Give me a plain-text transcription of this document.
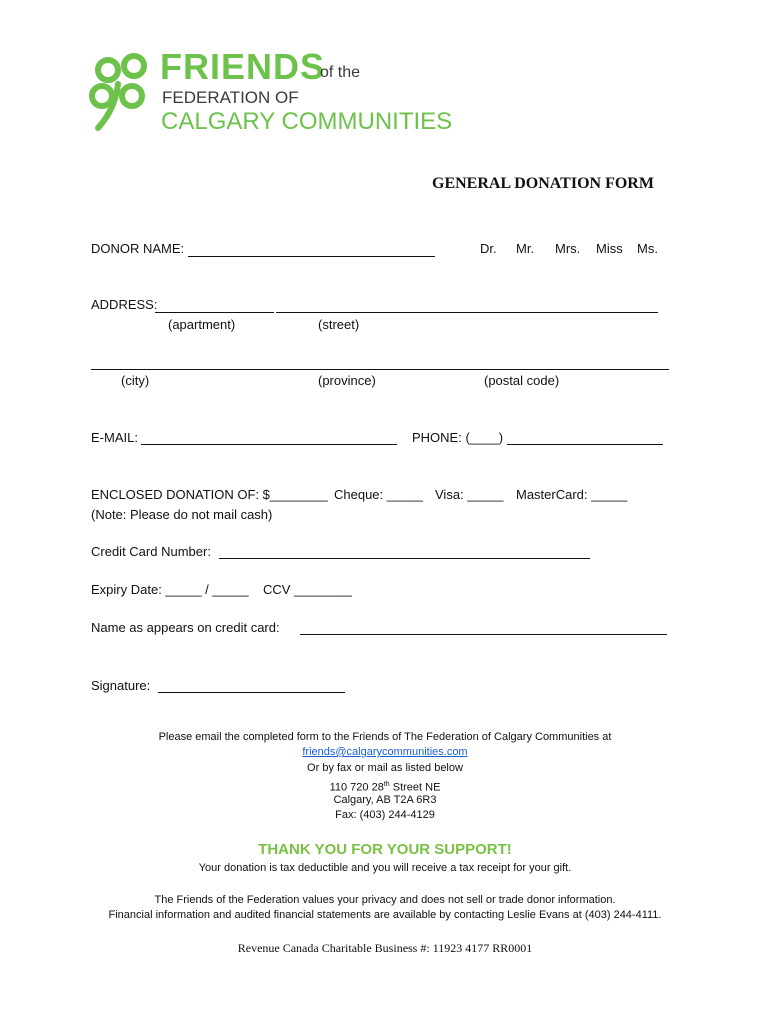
FRIENDS
of the
FEDERATION OF
CALGARY COMMUNITIES
GENERAL DONATION FORM
DONOR NAME:	Dr. Mr. Mrs. Miss Ms.
ADDRESS:
(apartment)	(street)
(city)	(province)	(postal code)
E-MAIL:	PHONE: (____)
ENCLOSED DONATION OF: $________ Cheque: _____ Visa: _____ MasterCard: _____
(Note: Please do not mail cash)
Credit Card Number:
Expiry Date: _____ / _____ CCV ________
Name as appears on credit card:
Signature:
Please email the completed form to the Friends of The Federation of Calgary Communities at
friends@calgarycommunities.com
Or by fax or mail as listed below
110 720 28th Street NE
Calgary, AB T2A 6R3
Fax: (403) 244-4129
THANK YOU FOR YOUR SUPPORT!
Your donation is tax deductible and you will receive a tax receipt for your gift.
The Friends of the Federation values your privacy and does not sell or trade donor information.
Financial information and audited financial statements are available by contacting Leslie Evans at (403) 244-4111.
Revenue Canada Charitable Business #: 11923 4177 RR0001
